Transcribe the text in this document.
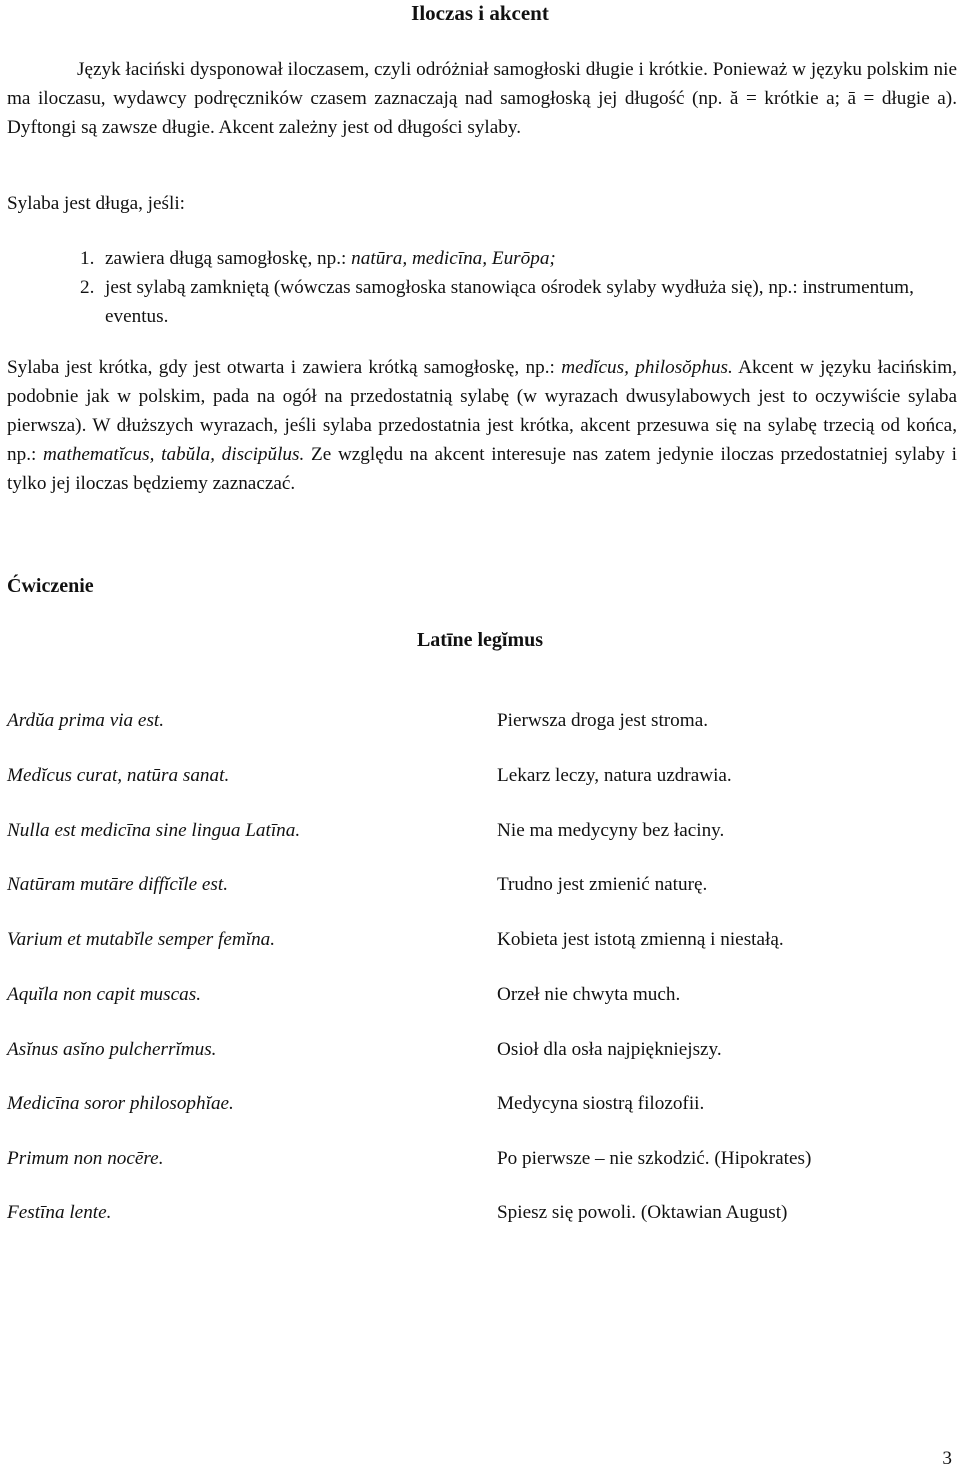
Iloczas i akcent
Język łaciński dysponował iloczasem, czyli odróżniał samogłoski długie i krótkie. Ponieważ w języku polskim nie ma iloczasu, wydawcy podręczników czasem zaznaczają nad samogłoską jej długość (np. ă = krótkie a; ā = długie a). Dyftongi są zawsze długie. Akcent zależny jest od długości sylaby.
Sylaba jest długa, jeśli:
1. zawiera długą samogłoskę, np.: natūra, medicīna, Eurōpa;
2. jest sylabą zamkniętą (wówczas samogłoska stanowiąca ośrodek sylaby wydłuża się), np.: instrumentum, eventus.
Sylaba jest krótka, gdy jest otwarta i zawiera krótką samogłoskę, np.: medĭcus, philosŏphus. Akcent w języku łacińskim, podobnie jak w polskim, pada na ogół na przedostatnią sylabę (w wyrazach dwusylabowych jest to oczywiście sylaba pierwsza). W dłuższych wyrazach, jeśli sylaba przedostatnia jest krótka, akcent przesuwa się na sylabę trzecią od końca, np.: mathematĭcus, tabŭla, discipŭlus. Ze względu na akcent interesuje nas zatem jedynie iloczas przedostatniej sylaby i tylko jej iloczas będziemy zaznaczać.
Ćwiczenie
Latīne legĭmus
Ardŭa prima via est.	Pierwsza droga jest stroma.
Medĭcus curat, natūra sanat.	Lekarz leczy, natura uzdrawia.
Nulla est medicīna sine lingua Latīna.	Nie ma medycyny bez łaciny.
Natūram mutāre diffĭcĭle est.	Trudno jest zmienić naturę.
Varium et mutabĭle semper femĭna.	Kobieta jest istotą zmienną i niestałą.
Aquĭla non capit muscas.	Orzeł nie chwyta much.
Asĭnus asĭno pulcherrĭmus.	Osioł dla osła najpiękniejszy.
Medicīna soror philosophĭae.	Medycyna siostrą filozofii.
Primum non nocēre.	Po pierwsze – nie szkodzić. (Hipokrates)
Festīna lente.	Spiesz się powoli. (Oktawian August)
3
